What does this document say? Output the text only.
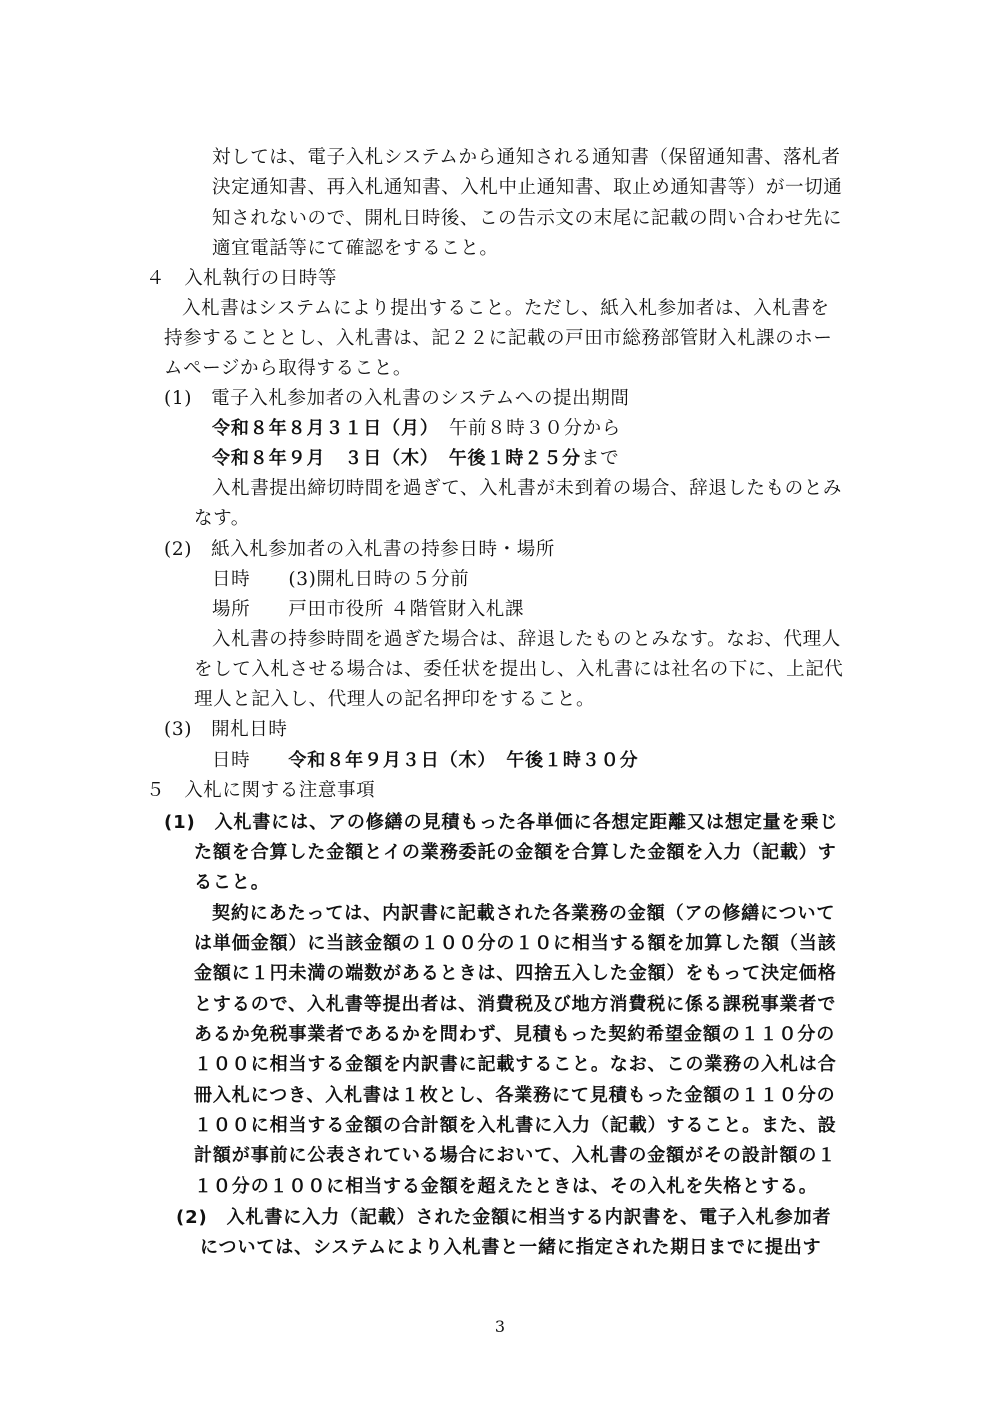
対しては、電子入札システムから通知される通知書（保留通知書、落札者
決定通知書、再入札通知書、入札中止通知書、取止め通知書等）が一切通
知されないので、開札日時後、この告示文の末尾に記載の問い合わせ先に
適宜電話等にて確認をすること。
４　入札執行の日時等
入札書はシステムにより提出すること。ただし、紙入札参加者は、入札書を
持参することとし、入札書は、記２２に記載の戸田市総務部管財入札課のホー
ムページから取得すること。
(1)　電子入札参加者の入札書のシステムへの提出期間
令和８年８月３１日（月）　午前８時３０分から
令和８年９月　３日（木）　午後１時２５分まで
入札書提出締切時間を過ぎて、入札書が未到着の場合、辞退したものとみ
なす。
(2)　紙入札参加者の入札書の持参日時・場所
日時　　(3)開札日時の５分前
場所　　戸田市役所 ４階管財入札課
入札書の持参時間を過ぎた場合は、辞退したものとみなす。なお、代理人
をして入札させる場合は、委任状を提出し、入札書には社名の下に、上記代
理人と記入し、代理人の記名押印をすること。
(3)　開札日時
日時　　令和８年９月３日（木）　午後１時３０分
５　入札に関する注意事項
(1)　入札書には、アの修繕の見積もった各単価に各想定距離又は想定量を乗じ
た額を合算した金額とイの業務委託の金額を合算した金額を入力（記載）す
ること。
契約にあたっては、内訳書に記載された各業務の金額（アの修繕について
は単価金額）に当該金額の１００分の１０に相当する額を加算した額（当該
金額に１円未満の端数があるときは、四捨五入した金額）をもって決定価格
とするので、入札書等提出者は、消費税及び地方消費税に係る課税事業者で
あるか免税事業者であるかを問わず、見積もった契約希望金額の１１０分の
１００に相当する金額を内訳書に記載すること。なお、この業務の入札は合
冊入札につき、入札書は１枚とし、各業務にて見積もった金額の１１０分の
１００に相当する金額の合計額を入札書に入力（記載）すること。また、設
計額が事前に公表されている場合において、入札書の金額がその設計額の１
１０分の１００に相当する金額を超えたときは、その入札を失格とする。
(2)　入札書に入力（記載）された金額に相当する内訳書を、電子入札参加者
については、システムにより入札書と一緒に指定された期日までに提出す
3
